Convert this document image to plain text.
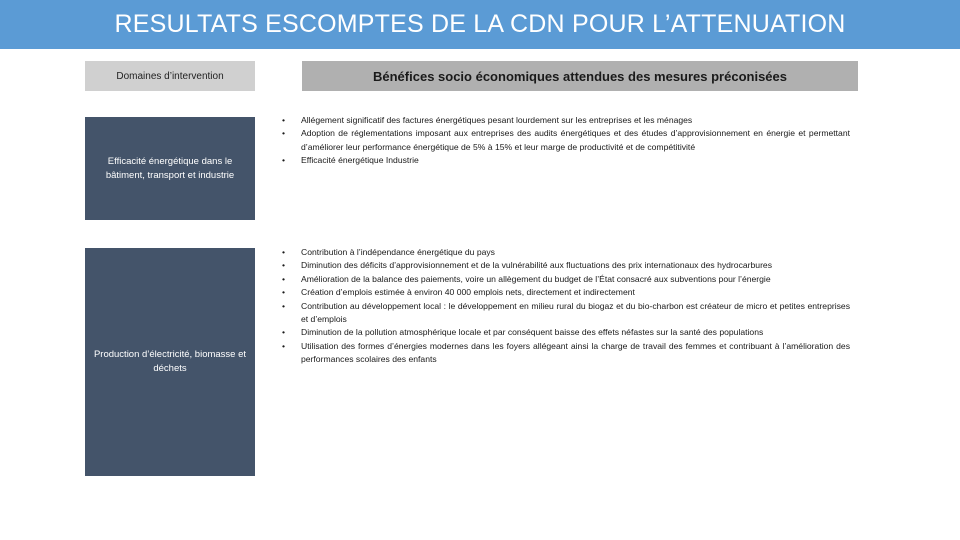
RESULTATS ESCOMPTES DE LA CDN POUR L’ATTENUATION
Domaines d’intervention	Bénéfices socio économiques attendues des mesures préconisées
Efficacité énergétique dans le bâtiment, transport et industrie
•	Allégement significatif des factures énergétiques pesant lourdement sur les entreprises et les ménages
•	Adoption de réglementations imposant aux entreprises des audits énergétiques et des études d’approvisionnement en énergie et permettant d’améliorer leur performance énergétique de 5% à 15% et leur marge de productivité et de compétitivité
•	Efficacité énergétique Industrie
Production d’électricité, biomasse et déchets
•	Contribution à l’indépendance énergétique du pays
•	Diminution des déficits d’approvisionnement et de la vulnérabilité aux fluctuations des prix internationaux des hydrocarbures
•	Amélioration de la balance des paiements, voire un allègement du budget de l’État consacré aux subventions pour l’énergie
•	Création d’emplois estimée à environ 40 000 emplois nets, directement et indirectement
•	Contribution au développement local : le développement en milieu rural du biogaz et du bio-charbon est créateur de micro et petites entreprises et d’emplois
•	Diminution de la pollution atmosphérique locale et par conséquent baisse des effets néfastes sur la santé des populations
•	Utilisation des formes d’énergies modernes dans les foyers allégeant ainsi la charge de travail des femmes et contribuant à l’amélioration des performances scolaires des enfants
